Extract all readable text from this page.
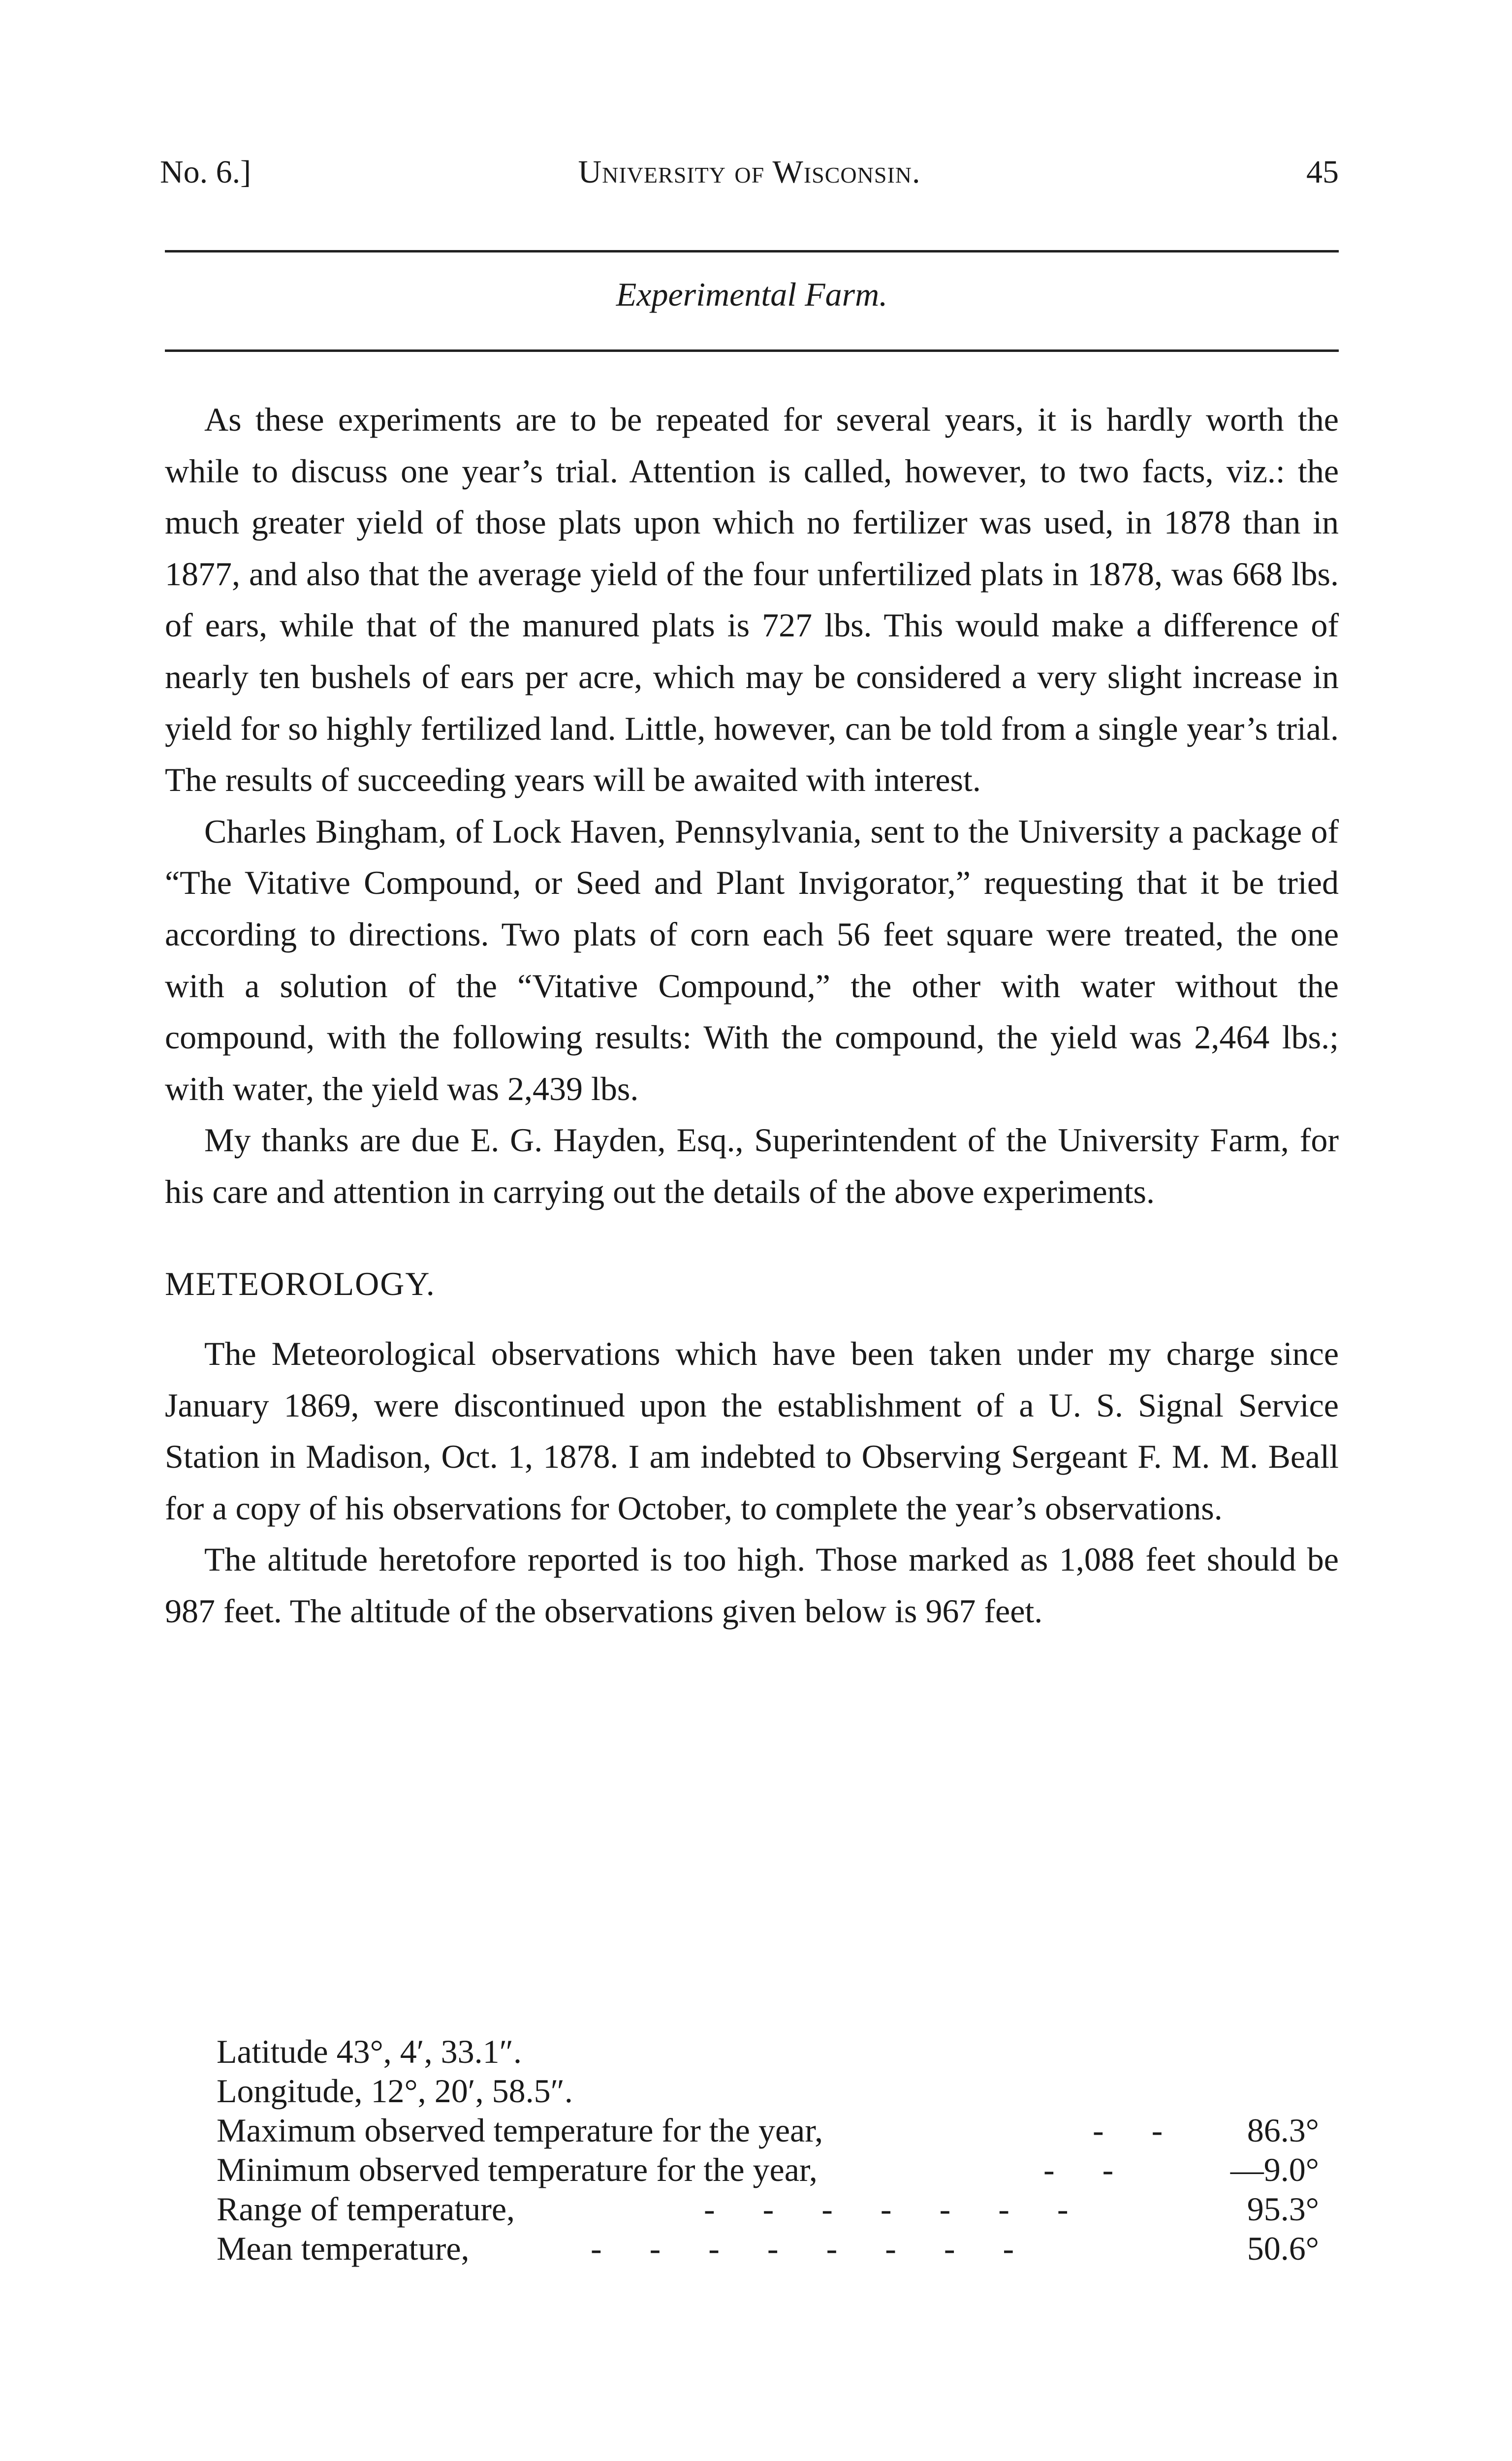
No. 6.]	University of Wisconsin.	45
Experimental Farm.

As these experiments are to be repeated for several years, it is hardly worth the while to discuss one year’s trial. Attention is called, however, to two facts, viz.: the much greater yield of those plats upon which no fertilizer was used, in 1878 than in 1877, and also that the average yield of the four unfertilized plats in 1878, was 668 lbs. of ears, while that of the manured plats is 727 lbs. This would make a difference of nearly ten bushels of ears per acre, which may be considered a very slight increase in yield for so highly fertilized land. Little, however, can be told from a single year’s trial. The results of succeeding years will be awaited with interest.

Charles Bingham, of Lock Haven, Pennsylvania, sent to the University a package of “The Vitative Compound, or Seed and Plant Invigorator,” requesting that it be tried according to directions. Two plats of corn each 56 feet square were treated, the one with a solution of the “Vitative Compound,” the other with water without the compound, with the following results: With the compound, the yield was 2,464 lbs.; with water, the yield was 2,439 lbs.

My thanks are due E. G. Hayden, Esq., Superintendent of the University Farm, for his care and attention in carrying out the details of the above experiments.

METEOROLOGY.

The Meteorological observations which have been taken under my charge since January 1869, were discontinued upon the establishment of a U. S. Signal Service Station in Madison, Oct. 1, 1878. I am indebted to Observing Sergeant F. M. M. Beall for a copy of his observations for October, to complete the year’s observations.

The altitude heretofore reported is too high. Those marked as 1,088 feet should be 987 feet. The altitude of the observations given below is 967 feet.

Latitude 43°, 4′, 33.1″.
Longitude, 12°, 20′, 58.5″.
Maximum observed temperature for the year,	-     - 86.3°
Minimum observed temperature for the year,	-     -	—9.0°
Range of temperature,	-     -     -     -     -     -     -	95.3°
Mean temperature,	-     -     -     -     -     -     -     -	50.6°
